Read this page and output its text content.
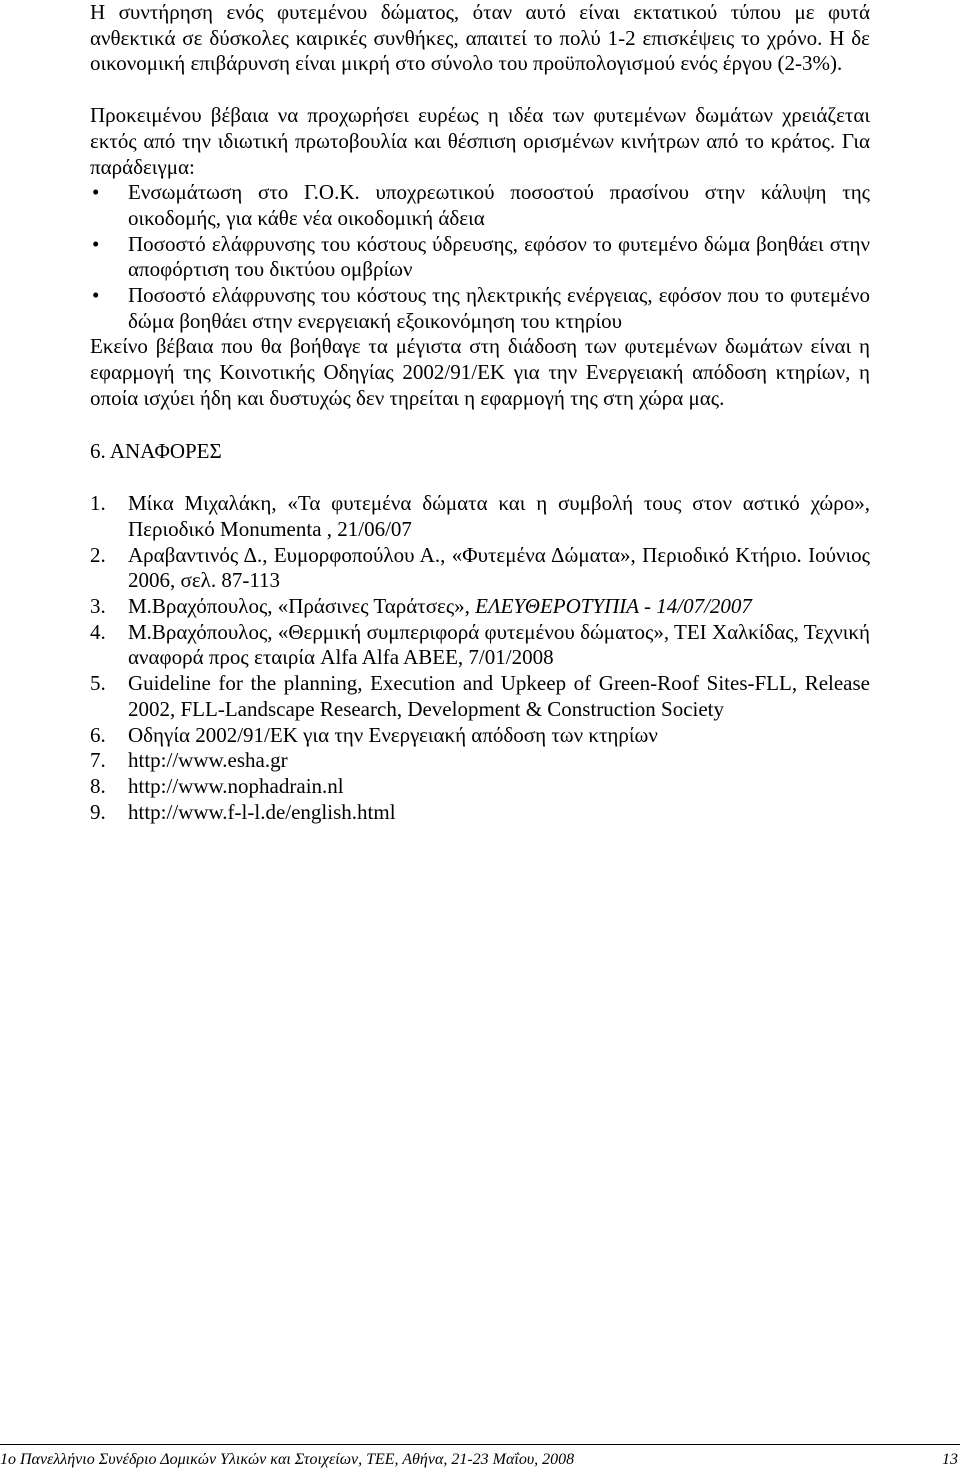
Η συντήρηση ενός φυτεμένου δώματος, όταν αυτό είναι εκτατικού τύπου με φυτά ανθεκτικά σε δύσκολες καιρικές συνθήκες, απαιτεί το πολύ 1-2 επισκέψεις το χρόνο. Η δε οικονομική επιβάρυνση είναι μικρή στο σύνολο του προϋπολογισμού ενός έργου (2-3%).

Προκειμένου βέβαια να προχωρήσει ευρέως η ιδέα των φυτεμένων δωμάτων χρειάζεται εκτός από την ιδιωτική πρωτοβουλία και θέσπιση ορισμένων κινήτρων από το κράτος. Για παράδειγμα:

• Ενσωμάτωση στο Γ.Ο.Κ. υποχρεωτικού ποσοστού πρασίνου στην κάλυψη της οικοδομής, για κάθε νέα οικοδομική άδεια
• Ποσοστό ελάφρυνσης του κόστους ύδρευσης, εφόσον το φυτεμένο δώμα βοηθάει στην αποφόρτιση του δικτύου ομβρίων
• Ποσοστό ελάφρυνσης του κόστους της ηλεκτρικής ενέργειας, εφόσον που το φυτεμένο δώμα βοηθάει στην ενεργειακή εξοικονόμηση του κτηρίου

Εκείνο βέβαια που θα βοήθαγε τα μέγιστα στη διάδοση των φυτεμένων δωμάτων είναι η εφαρμογή της Κοινοτικής Οδηγίας 2002/91/ΕΚ για την Ενεργειακή απόδοση κτηρίων, η οποία ισχύει ήδη και δυστυχώς δεν τηρείται η εφαρμογή της στη χώρα μας.

6. ΑΝΑΦΟΡΕΣ

1. Μίκα Μιχαλάκη, «Τα φυτεμένα δώματα και η συμβολή τους στον αστικό χώρο», Περιοδικό Monumenta , 21/06/07
2. Αραβαντινός Δ., Ευμορφοπούλου Α., «Φυτεμένα Δώματα», Περιοδικό Κτήριο. Ιούνιος 2006, σελ. 87-113
3. Μ.Βραχόπουλος, «Πράσινες Ταράτσες», ΕΛΕΥΘΕΡΟΤΥΠΙΑ - 14/07/2007
4. Μ.Βραχόπουλος, «Θερμική συμπεριφορά φυτεμένου δώματος», ΤΕΙ Χαλκίδας, Τεχνική αναφορά προς εταιρία Alfa Alfa ABEE, 7/01/2008
5. Guideline for the planning, Execution and Upkeep of Green-Roof Sites-FLL, Release 2002, FLL-Landscape Research, Development & Construction Society
6. Οδηγία 2002/91/ΕΚ για την Ενεργειακή απόδοση των κτηρίων
7. http://www.esha.gr
8. http://www.nophadrain.nl
9. http://www.f-l-l.de/english.html
1ο Πανελλήνιο Συνέδριο Δομικών Υλικών και Στοιχείων, ΤΕΕ, Αθήνα, 21-23 Μαΐου, 2008	13
